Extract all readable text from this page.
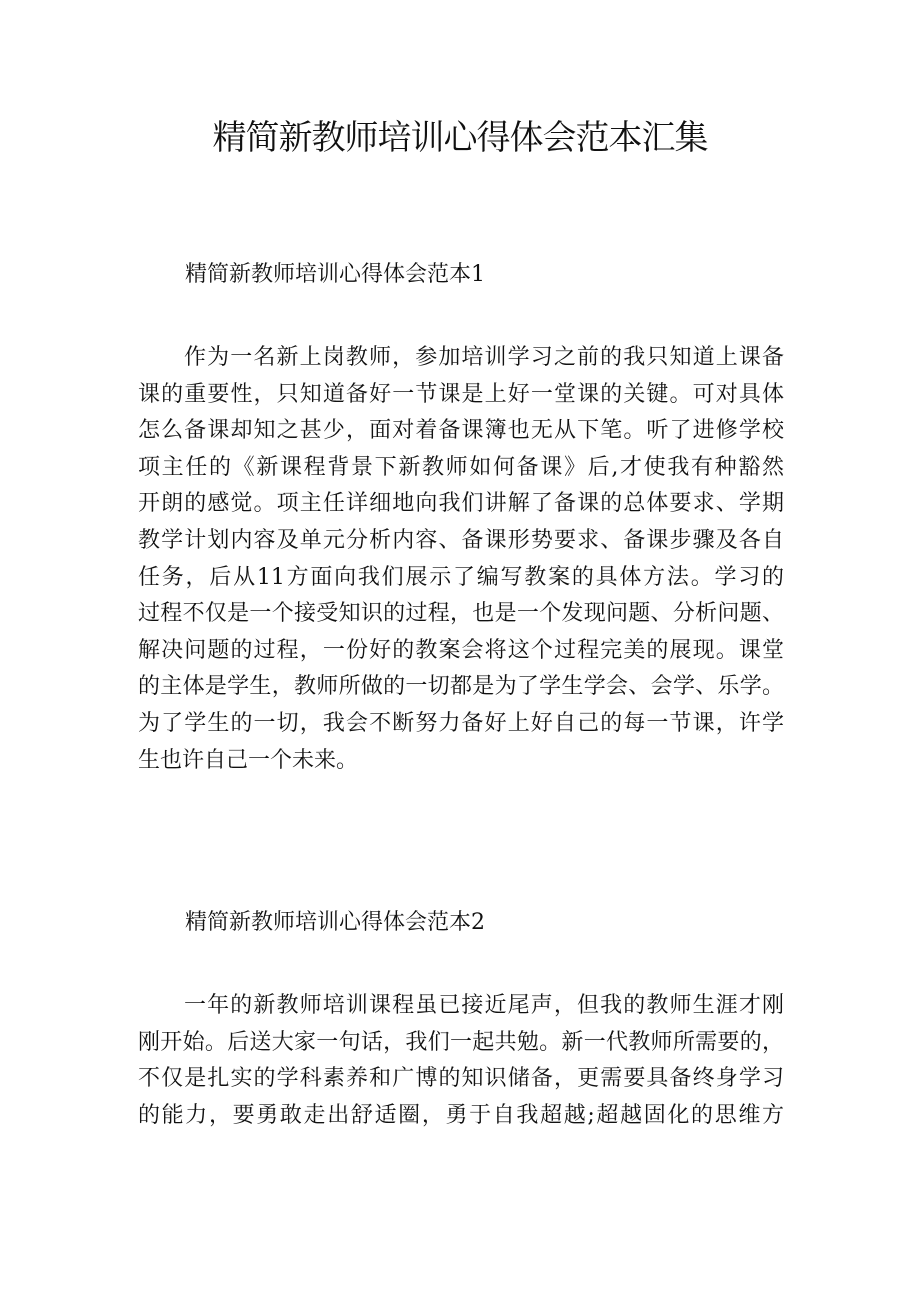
精简新教师培训心得体会范本汇集
精简新教师培训心得体会范本1
作为一名新上岗教师，参加培训学习之前的我只知道上课备
课的重要性，只知道备好一节课是上好一堂课的关键。可对具体
怎么备课却知之甚少，面对着备课簿也无从下笔。听了进修学校
项主任的《新课程背景下新教师如何备课》后,才使我有种豁然
开朗的感觉。项主任详细地向我们讲解了备课的总体要求、学期
教学计划内容及单元分析内容、备课形势要求、备课步骤及各自
任务，后从11方面向我们展示了编写教案的具体方法。学习的
过程不仅是一个接受知识的过程，也是一个发现问题、分析问题、
解决问题的过程，一份好的教案会将这个过程完美的展现。课堂
的主体是学生，教师所做的一切都是为了学生学会、会学、乐学。
为了学生的一切，我会不断努力备好上好自己的每一节课，许学
生也许自己一个未来。
精简新教师培训心得体会范本2
一年的新教师培训课程虽已接近尾声，但我的教师生涯才刚
刚开始。后送大家一句话，我们一起共勉。新一代教师所需要的，
不仅是扎实的学科素养和广博的知识储备，更需要具备终身学习
的能力，要勇敢走出舒适圈，勇于自我超越;超越固化的思维方
